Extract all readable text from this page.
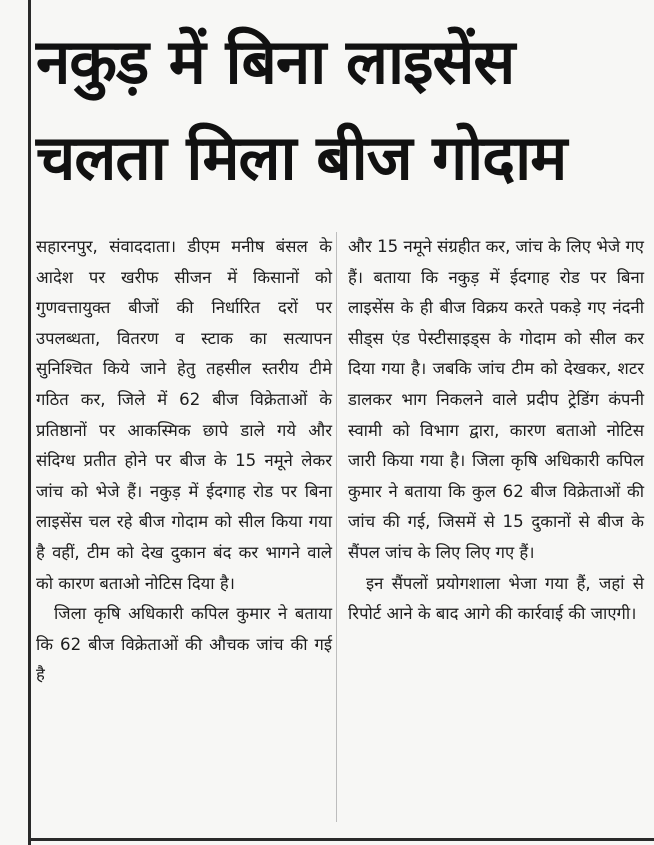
नकुड़ में बिना लाइसेंस
चलता मिला बीज गोदाम

सहारनपुर, संवाददाता। डीएम मनीष बंसल के आदेश पर खरीफ सीजन में किसानों को गुणवत्तायुक्त बीजों की निर्धारित दरों पर उपलब्धता, वितरण व स्टाक का सत्यापन सुनिश्चित किये जाने हेतु तहसील स्तरीय टीमे गठित कर, जिले में 62 बीज विक्रेताओं के प्रतिष्ठानों पर आकस्मिक छापे डाले गये और संदिग्ध प्रतीत होने पर बीज के 15 नमूने लेकर जांच को भेजे हैं। नकुड़ में ईदगाह रोड पर बिना लाइसेंस चल रहे बीज गोदाम को सील किया गया है वहीं, टीम को देख दुकान बंद कर भागने वाले को कारण बताओ नोटिस दिया है।

जिला कृषि अधिकारी कपिल कुमार ने बताया कि 62 बीज विक्रेताओं की औचक जांच की गई है

और 15 नमूने संग्रहीत कर, जांच के लिए भेजे गए हैं। बताया कि नकुड़ में ईदगाह रोड पर बिना लाइसेंस के ही बीज विक्रय करते पकड़े गए नंदनी सीड्स एंड पेस्टीसाइड्स के गोदाम को सील कर दिया गया है। जबकि जांच टीम को देखकर, शटर डालकर भाग निकलने वाले प्रदीप ट्रेडिंग कंपनी स्वामी को विभाग द्वारा, कारण बताओ नोटिस जारी किया गया है। जिला कृषि अधिकारी कपिल कुमार ने बताया कि कुल 62 बीज विक्रेताओं की जांच की गई, जिसमें से 15 दुकानों से बीज के सैंपल जांच के लिए लिए गए हैं।

इन सैंपलों प्रयोगशाला भेजा गया हैं, जहां से रिपोर्ट आने के बाद आगे की कार्रवाई की जाएगी।
